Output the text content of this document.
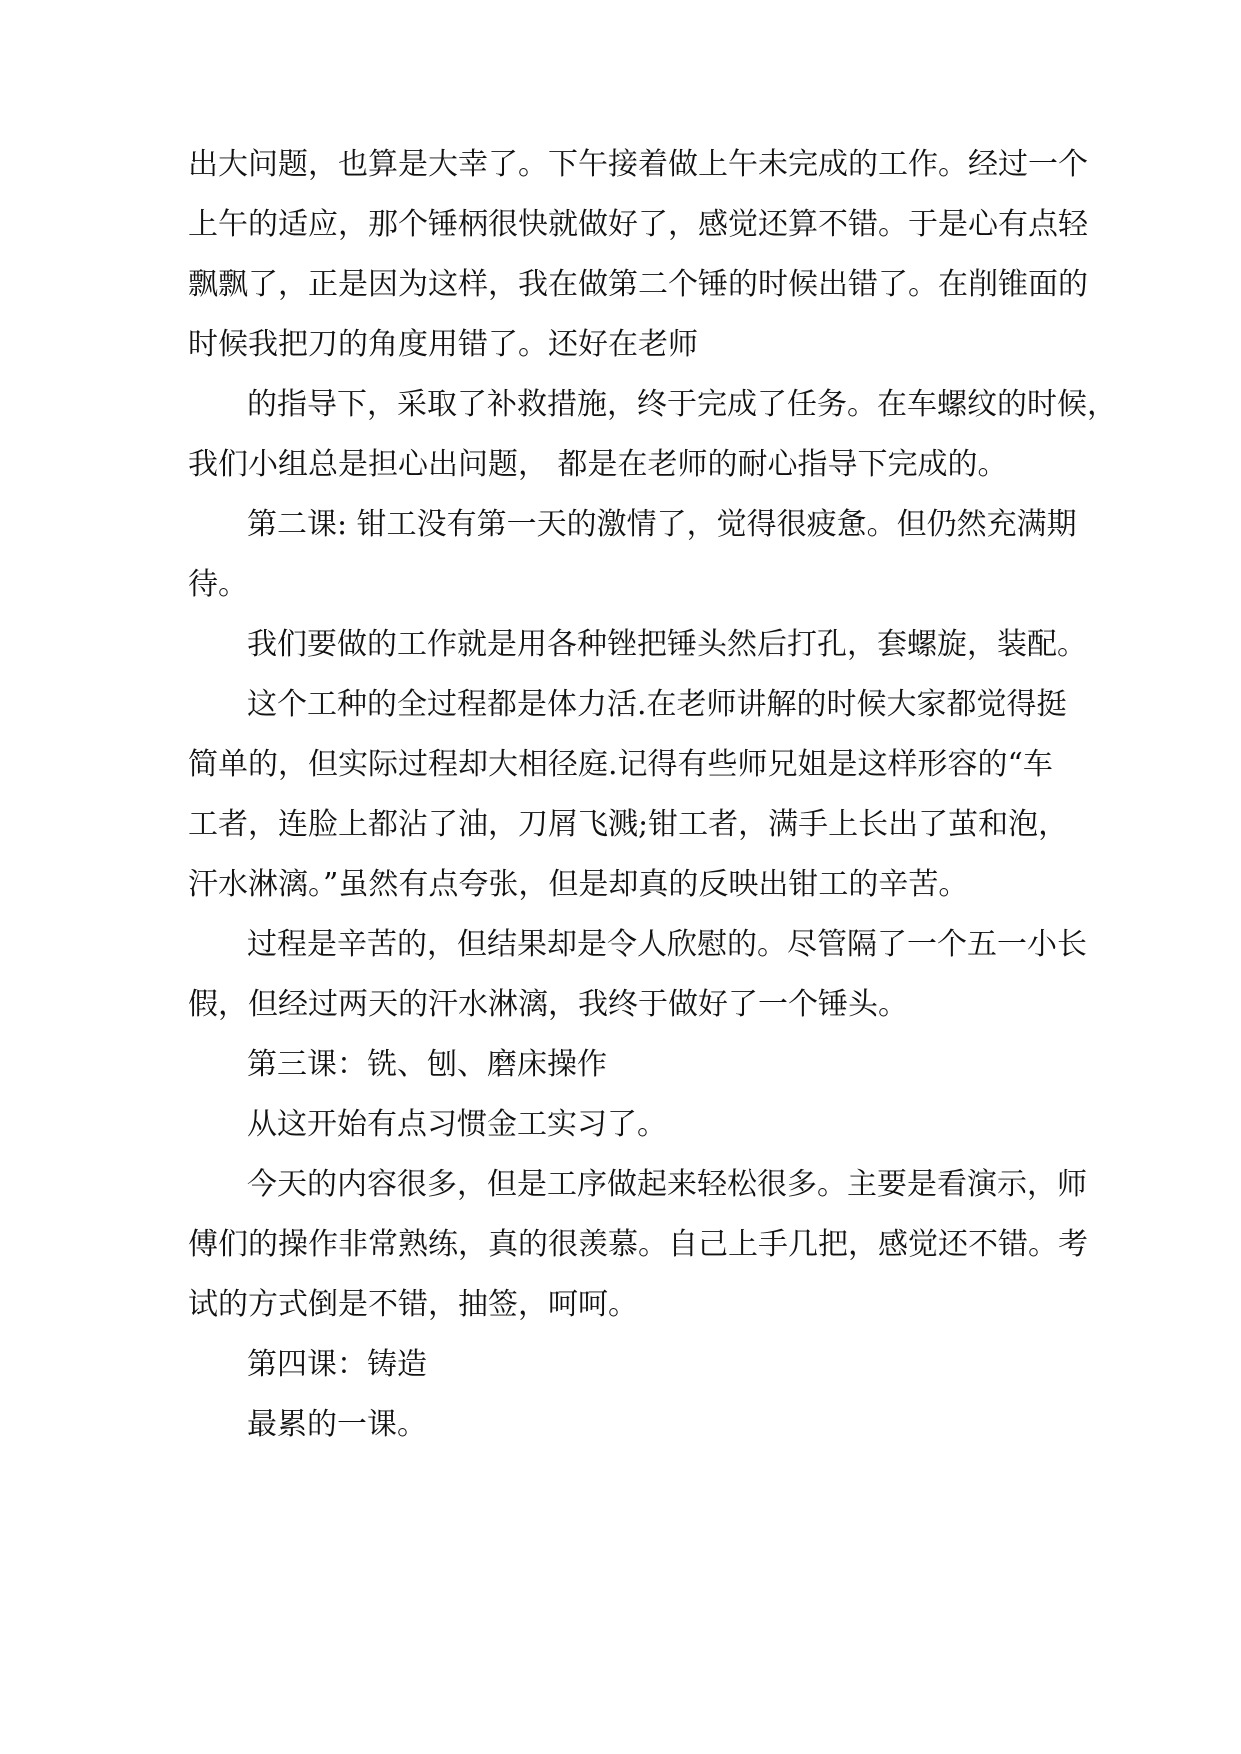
出大问题，也算是大幸了。下午接着做上午未完成的工作。经过一个
上午的适应，那个锤柄很快就做好了，感觉还算不错。于是心有点轻
飘飘了，正是因为这样，我在做第二个锤的时候出错了。在削锥面的
时候我把刀的角度用错了。还好在老师
的指导下，采取了补救措施，终于完成了任务。在车螺纹的时候，
我们小组总是担心出问题， 都是在老师的耐心指导下完成的。
第二课: 钳工没有第一天的激情了，觉得很疲惫。但仍然充满期
待。
我们要做的工作就是用各种锉把锤头然后打孔，套螺旋，装配。
这个工种的全过程都是体力活.在老师讲解的时候大家都觉得挺
简单的，但实际过程却大相径庭.记得有些师兄姐是这样形容的“车
工者，连脸上都沾了油，刀屑飞溅;钳工者，满手上长出了茧和泡，
汗水淋漓。”虽然有点夸张，但是却真的反映出钳工的辛苦。
过程是辛苦的，但结果却是令人欣慰的。尽管隔了一个五一小长
假，但经过两天的汗水淋漓，我终于做好了一个锤头。
第三课：铣、刨、磨床操作
从这开始有点习惯金工实习了。
今天的内容很多，但是工序做起来轻松很多。主要是看演示，师
傅们的操作非常熟练，真的很羡慕。自己上手几把，感觉还不错。考
试的方式倒是不错，抽签，呵呵。
第四课：铸造
最累的一课。
